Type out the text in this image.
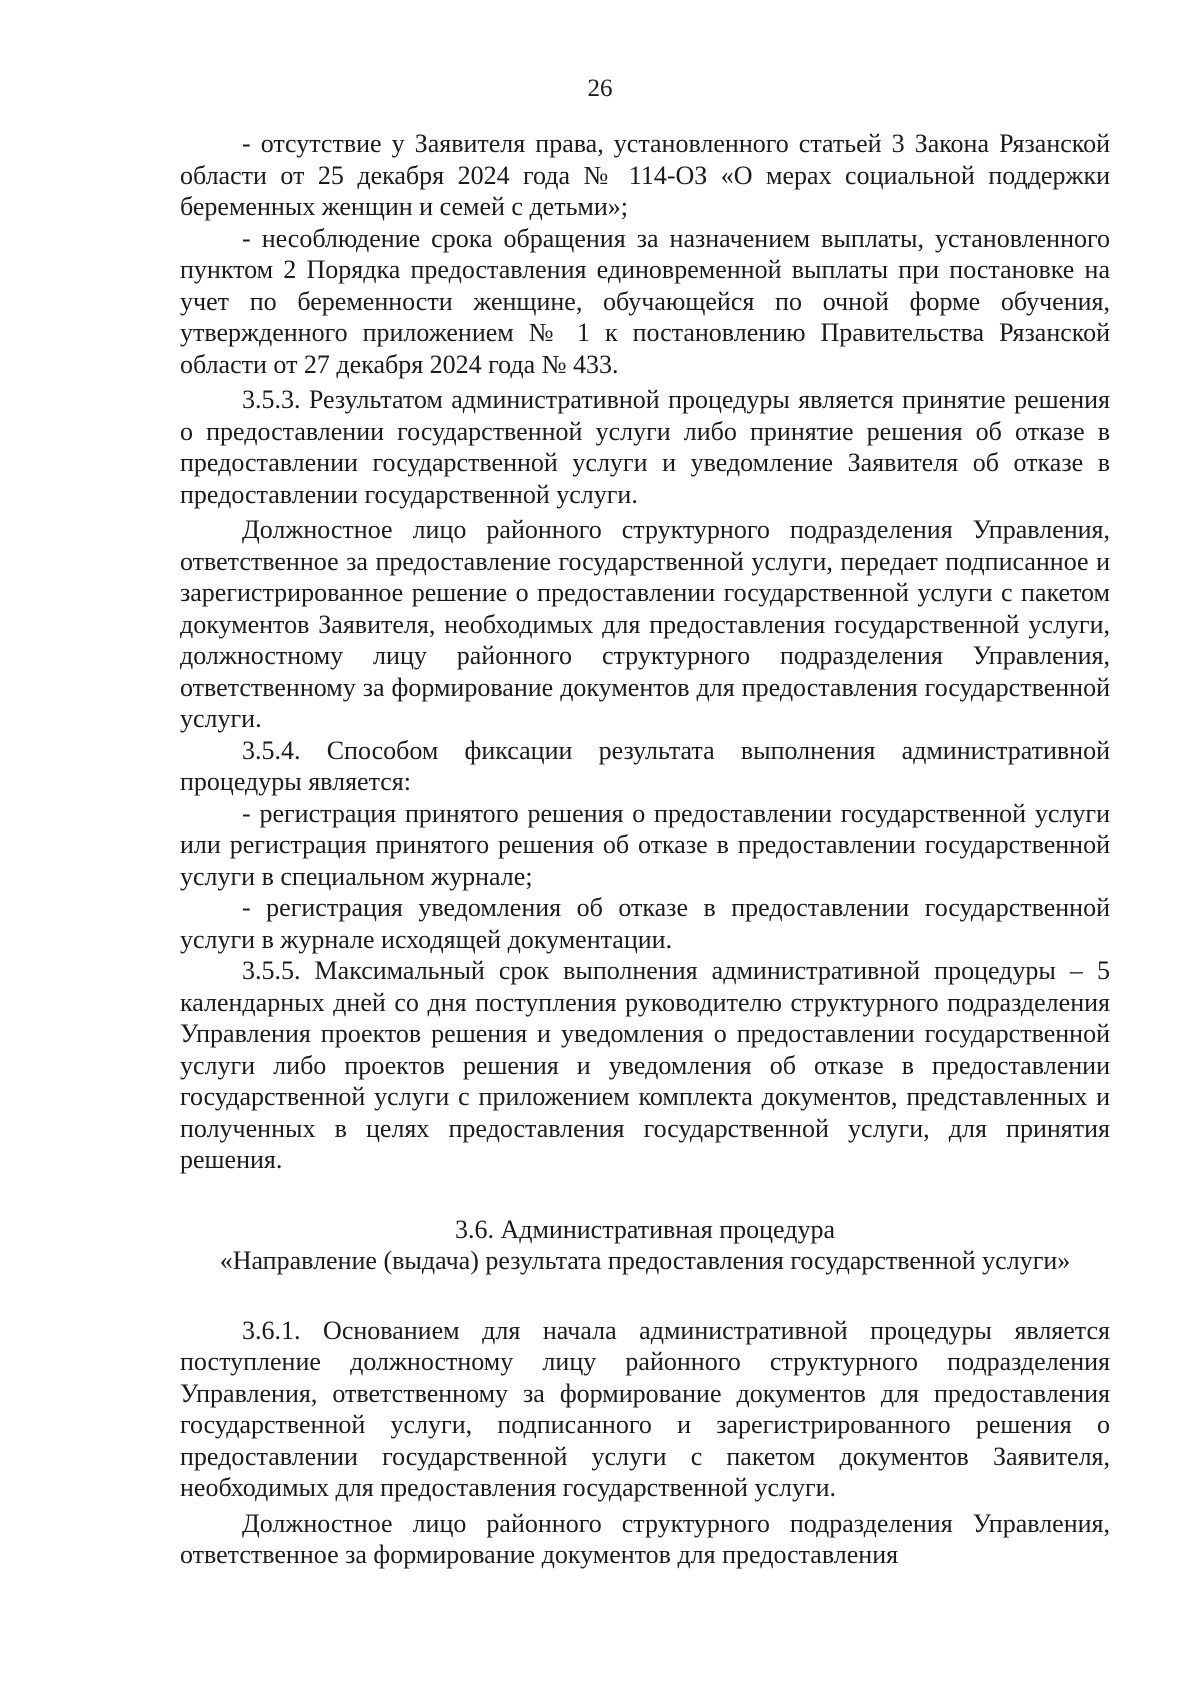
26

- отсутствие у Заявителя права, установленного статьей 3 Закона Рязанской области от 25 декабря 2024 года № 114-ОЗ «О мерах социальной поддержки беременных женщин и семей с детьми»;

- несоблюдение срока обращения за назначением выплаты, установленного пунктом 2 Порядка предоставления единовременной выплаты при постановке на учет по беременности женщине, обучающейся по очной форме обучения, утвержденного приложением № 1 к постановлению Правительства Рязанской области от 27 декабря 2024 года № 433.

3.5.3. Результатом административной процедуры является принятие решения о предоставлении государственной услуги либо принятие решения об отказе в предоставлении государственной услуги и уведомление Заявителя об отказе в предоставлении государственной услуги.

Должностное лицо районного структурного подразделения Управления, ответственное за предоставление государственной услуги, передает подписанное и зарегистрированное решение о предоставлении государственной услуги с пакетом документов Заявителя, необходимых для предоставления государственной услуги, должностному лицу районного структурного подразделения Управления, ответственному за формирование документов для предоставления государственной услуги.

3.5.4. Способом фиксации результата выполнения административной процедуры является:

- регистрация принятого решения о предоставлении государственной услуги или регистрация принятого решения об отказе в предоставлении государственной услуги в специальном журнале;

- регистрация уведомления об отказе в предоставлении государственной услуги в журнале исходящей документации.

3.5.5. Максимальный срок выполнения административной процедуры – 5 календарных дней со дня поступления руководителю структурного подразделения Управления проектов решения и уведомления о предоставлении государственной услуги либо проектов решения и уведомления об отказе в предоставлении государственной услуги с приложением комплекта документов, представленных и полученных в целях предоставления государственной услуги, для принятия решения.

3.6. Административная процедура
«Направление (выдача) результата предоставления государственной услуги»

3.6.1. Основанием для начала административной процедуры является поступление должностному лицу районного структурного подразделения Управления, ответственному за формирование документов для предоставления государственной услуги, подписанного и зарегистрированного решения о предоставлении государственной услуги с пакетом документов Заявителя, необходимых для предоставления государственной услуги.

Должностное лицо районного структурного подразделения Управления, ответственное за формирование документов для предоставления
